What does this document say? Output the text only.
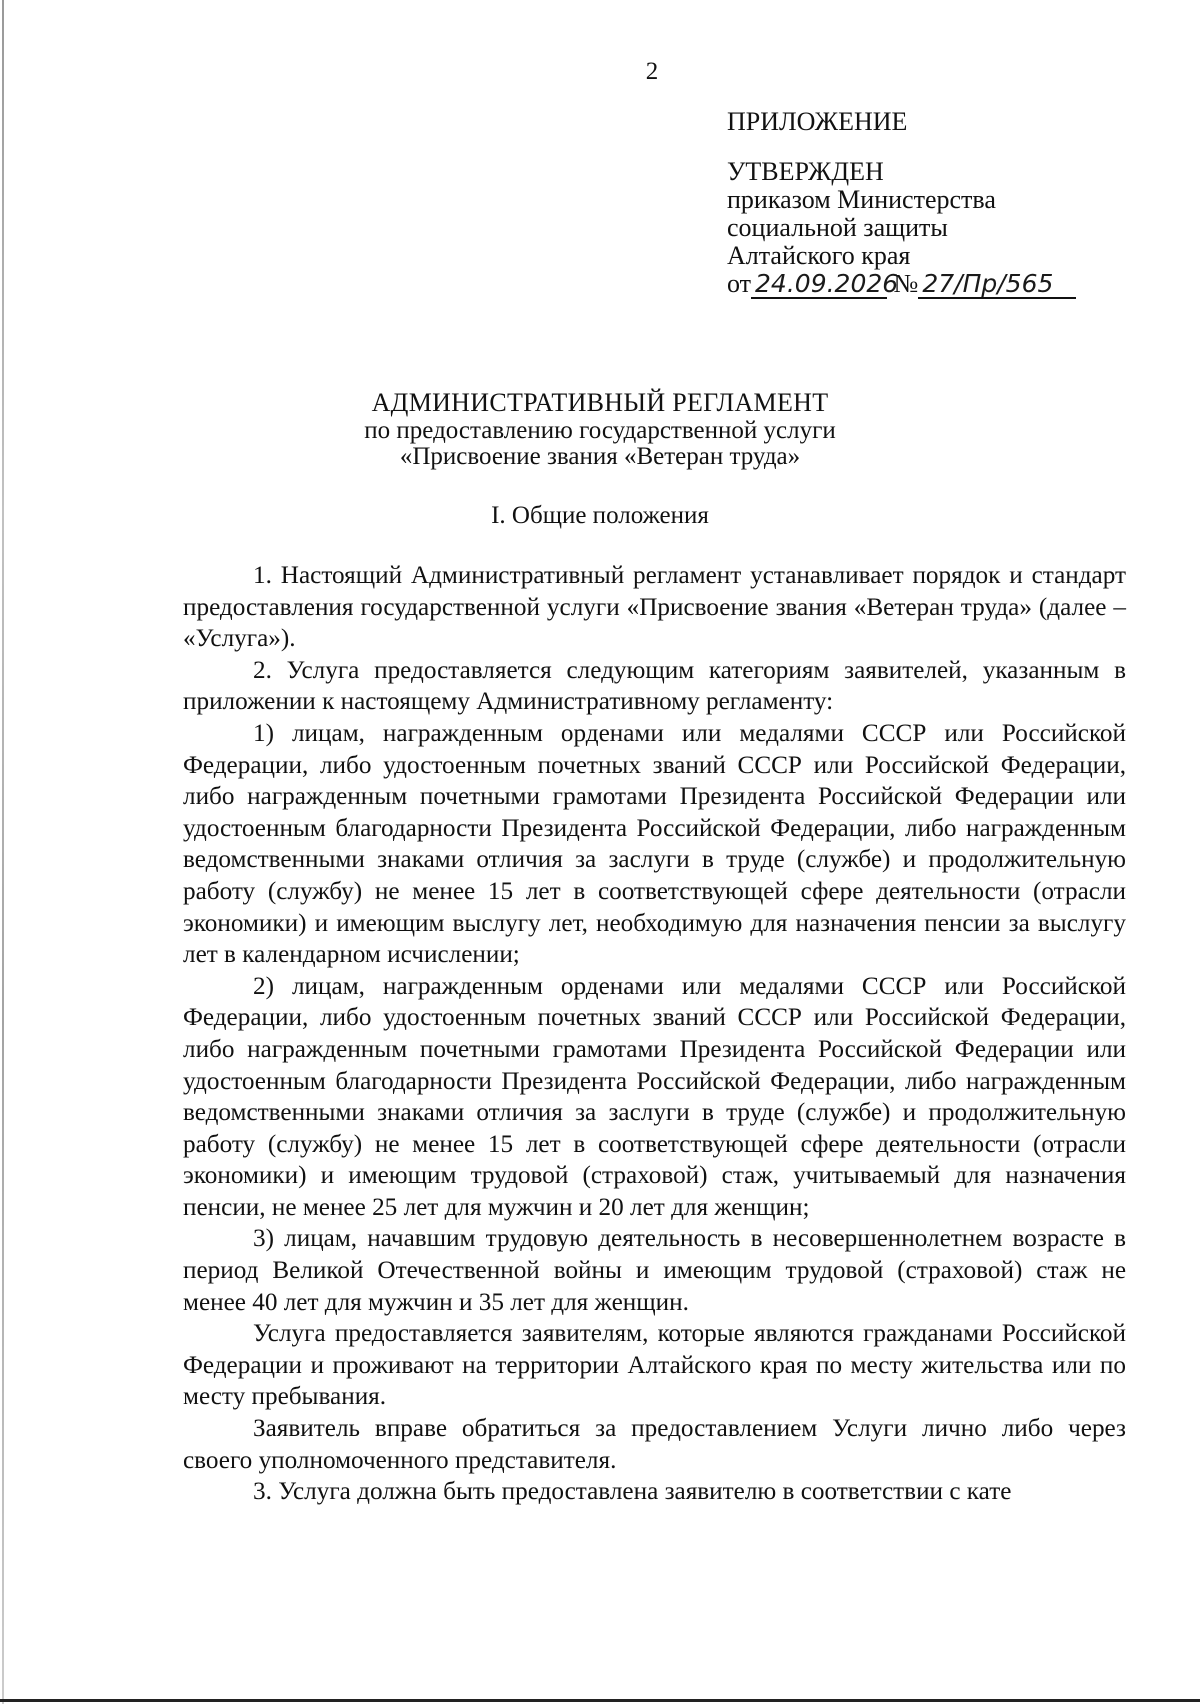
2
ПРИЛОЖЕНИЕ
УТВЕРЖДЕН
приказом Министерства
социальной защиты
Алтайского края
от 24.09.2026 № 27/Пр/565
АДМИНИСТРАТИВНЫЙ РЕГЛАМЕНТ
по предоставлению государственной услуги
«Присвоение звания «Ветеран труда»
I. Общие положения

1. Настоящий Административный регламент устанавливает порядок и стандарт предоставления государственной услуги «Присвоение звания «Ветеран труда» (далее – «Услуга»).

2. Услуга предоставляется следующим категориям заявителей, указанным в приложении к настоящему Административному регламенту:

1) лицам, награжденным орденами или медалями СССР или Российской Федерации, либо удостоенным почетных званий СССР или Российской Федерации, либо награжденным почетными грамотами Президента Российской Федерации или удостоенным благодарности Президента Российской Федерации, либо награжденным ведомственными знаками отличия за заслуги в труде (службе) и продолжительную работу (службу) не менее 15 лет в соответствующей сфере деятельности (отрасли экономики) и имеющим выслугу лет, необходимую для назначения пенсии за выслугу лет в календарном исчислении;

2) лицам, награжденным орденами или медалями СССР или Российской Федерации, либо удостоенным почетных званий СССР или Российской Федерации, либо награжденным почетными грамотами Президента Российской Федерации или удостоенным благодарности Президента Российской Федерации, либо награжденным ведомственными знаками отличия за заслуги в труде (службе) и продолжительную работу (службу) не менее 15 лет в соответствующей сфере деятельности (отрасли экономики) и имеющим трудовой (страховой) стаж, учитываемый для назначения пенсии, не менее 25 лет для мужчин и 20 лет для женщин;

3) лицам, начавшим трудовую деятельность в несовершеннолетнем возрасте в период Великой Отечественной войны и имеющим трудовой (страховой) стаж не менее 40 лет для мужчин и 35 лет для женщин.

Услуга предоставляется заявителям, которые являются гражданами Российской Федерации и проживают на территории Алтайского края по месту жительства или по месту пребывания.

Заявитель вправе обратиться за предоставлением Услуги лично либо через своего уполномоченного представителя.

3. Услуга должна быть предоставлена заявителю в соответствии с кате
